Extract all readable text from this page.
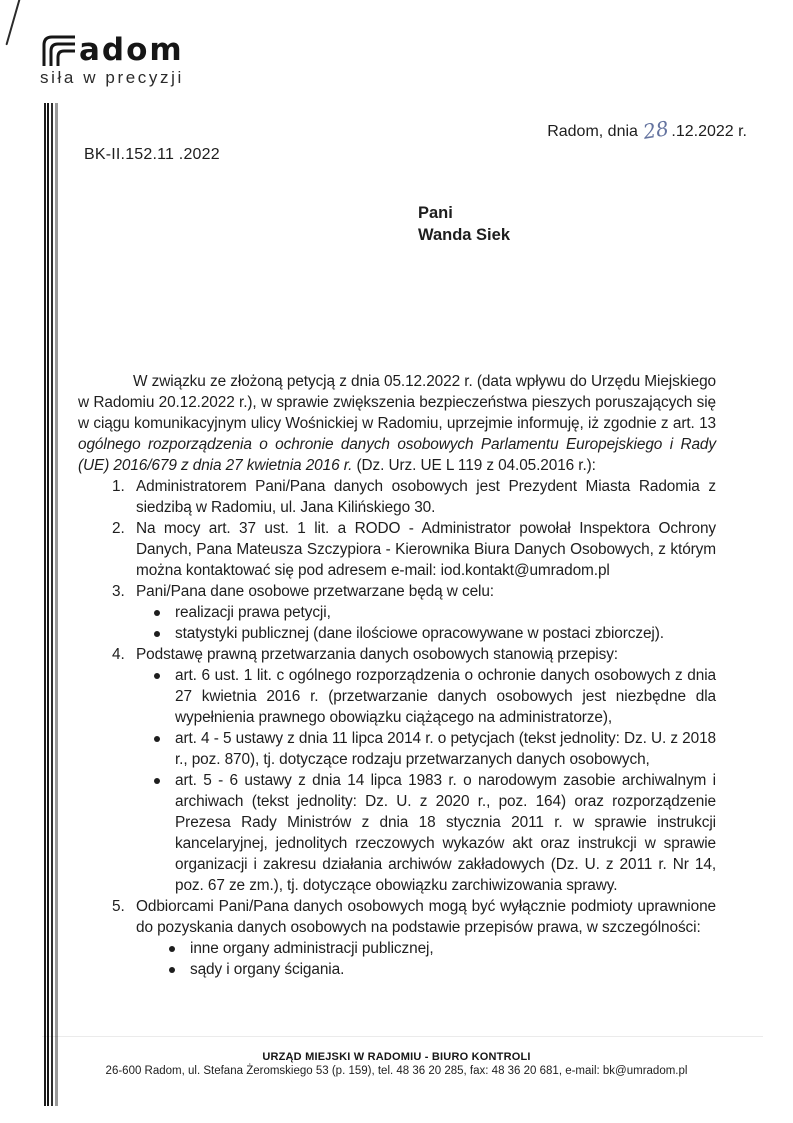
adom
siła w precyzji
Radom, dnia 28.12.2022 r.
BK-II.152.11 .2022
Pani
Wanda Siek

W związku ze złożoną petycją z dnia 05.12.2022 r. (data wpływu do Urzędu Miejskiego w Radomiu 20.12.2022 r.), w sprawie zwiększenia bezpieczeństwa pieszych poruszających się w ciągu komunikacyjnym ulicy Wośnickiej w Radomiu, uprzejmie informuję, iż zgodnie z art. 13 ogólnego rozporządzenia o ochronie danych osobowych Parlamentu Europejskiego i Rady (UE) 2016/679 z dnia 27 kwietnia 2016 r. (Dz. Urz. UE L 119 z 04.05.2016 r.):

1. Administratorem Pani/Pana danych osobowych jest Prezydent Miasta Radomia z siedzibą w Radomiu, ul. Jana Kilińskiego 30.
2. Na mocy art. 37 ust. 1 lit. a RODO - Administrator powołał Inspektora Ochrony Danych, Pana Mateusza Szczypiora - Kierownika Biura Danych Osobowych, z którym można kontaktować się pod adresem e-mail: iod.kontakt@umradom.pl
3. Pani/Pana dane osobowe przetwarzane będą w celu:
realizacji prawa petycji,
statystyki publicznej (dane ilościowe opracowywane w postaci zbiorczej).
4. Podstawę prawną przetwarzania danych osobowych stanowią przepisy:
art. 6 ust. 1 lit. c ogólnego rozporządzenia o ochronie danych osobowych z dnia 27 kwietnia 2016 r. (przetwarzanie danych osobowych jest niezbędne dla wypełnienia prawnego obowiązku ciążącego na administratorze),
art. 4 - 5 ustawy z dnia 11 lipca 2014 r. o petycjach (tekst jednolity: Dz. U. z 2018 r., poz. 870), tj. dotyczące rodzaju przetwarzanych danych osobowych,
art. 5 - 6 ustawy z dnia 14 lipca 1983 r. o narodowym zasobie archiwalnym i archiwach (tekst jednolity: Dz. U. z 2020 r., poz. 164) oraz rozporządzenie Prezesa Rady Ministrów z dnia 18 stycznia 2011 r. w sprawie instrukcji kancelaryjnej, jednolitych rzeczowych wykazów akt oraz instrukcji w sprawie organizacji i zakresu działania archiwów zakładowych (Dz. U. z 2011 r. Nr 14, poz. 67 ze zm.), tj. dotyczące obowiązku zarchiwizowania sprawy.
5. Odbiorcami Pani/Pana danych osobowych mogą być wyłącznie podmioty uprawnione do pozyskania danych osobowych na podstawie przepisów prawa, w szczególności:
inne organy administracji publicznej,
sądy i organy ścigania.
URZĄD MIEJSKI W RADOMIU - BIURO KONTROLI
26-600 Radom, ul. Stefana Żeromskiego 53 (p. 159), tel. 48 36 20 285, fax: 48 36 20 681, e-mail: bk@umradom.pl
